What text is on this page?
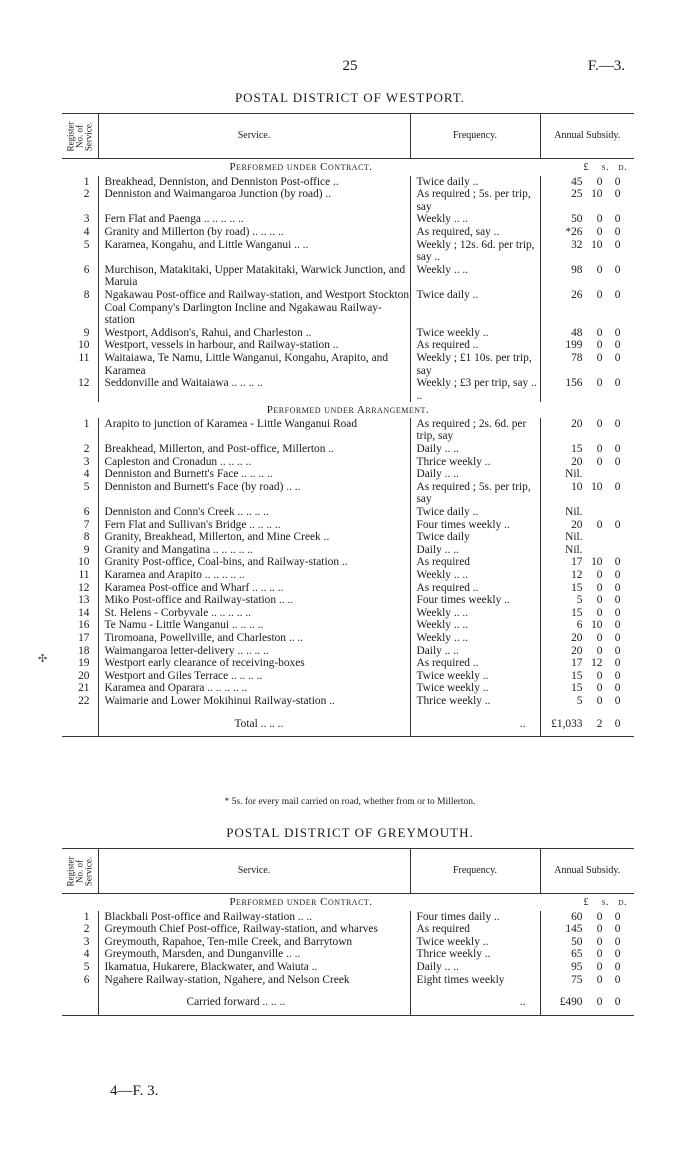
25	F.—3.
POSTAL DISTRICT OF WESTPORT.
Register No. of Service.	Service.	Frequency.	Annual Subsidy.
Performed under Contract.			£ s. d.
1	Breakhead, Denniston, and Denniston Post-office ..	Twice daily ..	45 0 0
2	Denniston and Waimangaroa Junction (by road) ..	As required ; 5s. per trip, say	25 10 0
3	Fern Flat and Paenga .. .. .. .. ..	Weekly .. ..	50 0 0
4	Granity and Millerton (by road) .. .. .. ..	As required, say ..	*26 0 0
5	Karamea, Kongahu, and Little Wanganui .. ..	Weekly ; 12s. 6d. per trip, say ..	32 10 0
6	Murchison, Matakitaki, Upper Matakitaki, Warwick Junction, and Maruia	Weekly .. ..	98 0 0
8	Ngakawau Post-office and Railway-station, and Westport Stockton Coal Company's Darlington Incline and Ngakawau Railway-station	Twice daily ..	26 0 0
9	Westport, Addison's, Rahui, and Charleston ..	Twice weekly ..	48 0 0
10	Westport, vessels in harbour, and Railway-station ..	As required ..	199 0 0
11	Waitaiawa, Te Namu, Little Wanganui, Kongahu, Arapito, and Karamea	Weekly ; £1 10s. per trip, say	78 0 0
12	Seddonville and Waitaiawa .. .. .. ..	Weekly ; £3 per trip, say .. ..	156 0 0
Performed under Arrangement.			
1	Arapito to junction of Karamea - Little Wanganui Road	As required ; 2s. 6d. per trip, say	20 0 0
2	Breakhead, Millerton, and Post-office, Millerton ..	Daily .. ..	15 0 0
3	Capleston and Cronadun .. .. .. ..	Thrice weekly ..	20 0 0
4	Denniston and Burnett's Face .. .. .. ..	Daily .. ..	Nil.
5	Denniston and Burnett's Face (by road) .. ..	As required ; 5s. per trip, say	10 10 0
6	Denniston and Conn's Creek .. .. .. ..	Twice daily ..	Nil.
7	Fern Flat and Sullivan's Bridge .. .. .. ..	Four times weekly ..	20 0 0
8	Granity, Breakhead, Millerton, and Mine Creek ..	Twice daily	Nil.
9	Granity and Mangatina .. .. .. .. ..	Daily .. ..	Nil.
10	Granity Post-office, Coal-bins, and Railway-station ..	As required	17 10 0
11	Karamea and Arapito .. .. .. .. ..	Weekly .. ..	12 0 0
12	Karamea Post-office and Wharf .. .. .. ..	As required ..	15 0 0
13	Miko Post-office and Railway-station .. ..	Four times weekly ..	5 0 0
14	St. Helens - Corbyvale .. .. .. .. ..	Weekly .. ..	15 0 0
16	Te Namu - Little Wanganui .. .. .. ..	Weekly .. ..	6 10 0
17	Tiromoana, Powellville, and Charleston .. ..	Weekly .. ..	20 0 0
18	Waimangaroa letter-delivery .. .. .. ..	Daily .. ..	20 0 0
19	Westport early clearance of receiving-boxes	As required ..	17 12 0
20	Westport and Giles Terrace .. .. .. ..	Twice weekly ..	15 0 0
21	Karamea and Oparara .. .. .. .. ..	Twice weekly ..	15 0 0
22	Waimarie and Lower Mokihinui Railway-station ..	Thrice weekly ..	5 0 0
	Total .. .. ..	..	£1,033 2 0
✣
* 5s. for every mail carried on road, whether from or to Millerton.
POSTAL DISTRICT OF GREYMOUTH.
Register No. of Service.	Service.	Frequency.	Annual Subsidy.
Performed under Contract.			£ s. d.
1	Blackbali Post-office and Railway-station .. ..	Four times daily ..	60 0 0
2	Greymouth Chief Post-office, Railway-station, and wharves	As required	145 0 0
3	Greymouth, Rapahoe, Ten-mile Creek, and Barrytown	Twice weekly ..	50 0 0
4	Greymouth, Marsden, and Dunganville .. ..	Thrice weekly ..	65 0 0
5	Ikamatua, Hukarere, Blackwater, and Waiuta ..	Daily .. ..	95 0 0
6	Ngahere Railway-station, Ngahere, and Nelson Creek	Eight times weekly	75 0 0
	Carried forward .. .. ..	..	£490 0 0
4—F. 3.
